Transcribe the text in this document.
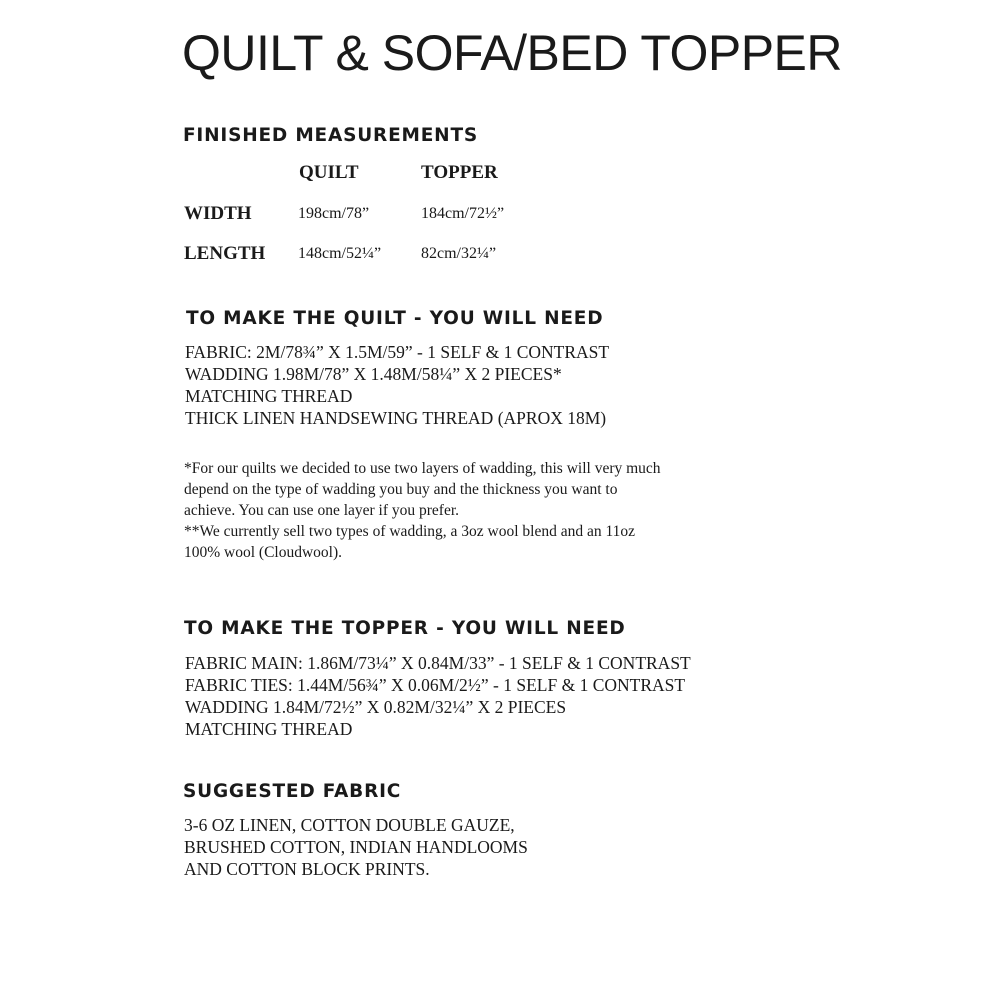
QUILT & SOFA/BED TOPPER
FINISHED MEASUREMENTS
QUILT	TOPPER
WIDTH	198cm/78”	184cm/72½”
LENGTH 148cm/52¼” 82cm/32¼”
TO MAKE THE QUILT - YOU WILL NEED
FABRIC: 2M/78¾” X 1.5M/59” - 1 SELF & 1 CONTRAST
WADDING 1.98M/78” X 1.48M/58¼” X 2 PIECES*
MATCHING THREAD
THICK LINEN HANDSEWING THREAD (APROX 18M)

*For our quilts we decided to use two layers of wadding, this will very much

depend on the type of wadding you buy and the thickness you want to

achieve. You can use one layer if you prefer.

**We currently sell two types of wadding, a 3oz wool blend and an 11oz

100% wool (Cloudwool).

TO MAKE THE TOPPER - YOU WILL NEED
FABRIC MAIN: 1.86M/73¼” X 0.84M/33” - 1 SELF & 1 CONTRAST
FABRIC TIES: 1.44M/56¾” X 0.06M/2½” - 1 SELF & 1 CONTRAST
WADDING 1.84M/72½” X 0.82M/32¼” X 2 PIECES
MATCHING THREAD
SUGGESTED FABRIC
3-6 OZ LINEN, COTTON DOUBLE GAUZE,
BRUSHED COTTON, INDIAN HANDLOOMS
AND COTTON BLOCK PRINTS.
